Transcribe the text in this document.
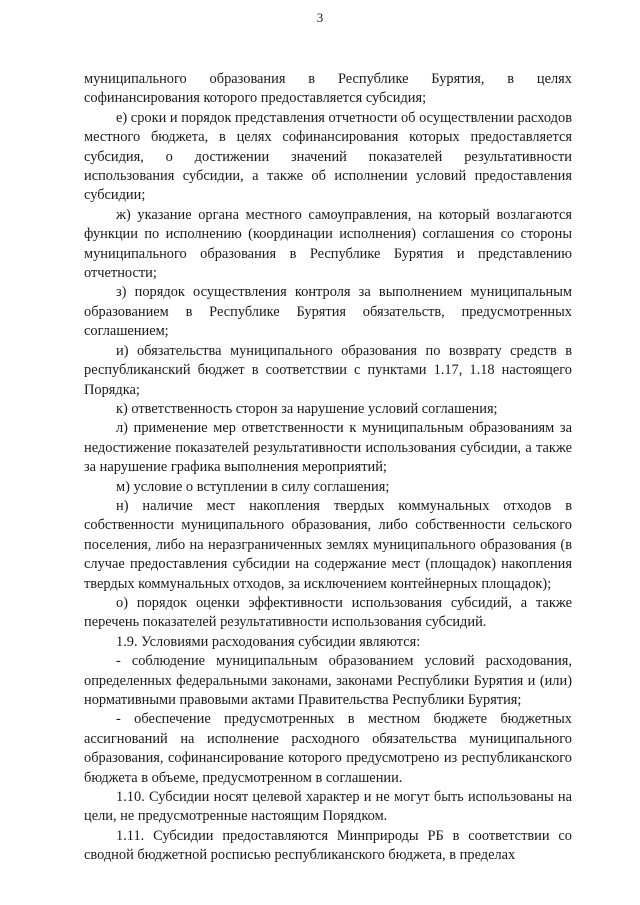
3

муниципального образования в Республике Бурятия, в целях софинансирования которого предоставляется субсидия;

е) сроки и порядок представления отчетности об осуществлении расходов местного бюджета, в целях софинансирования которых предоставляется субсидия, о достижении значений показателей результативности использования субсидии, а также об исполнении условий предоставления субсидии;

ж) указание органа местного самоуправления, на который возлагаются функции по исполнению (координации исполнения) соглашения со стороны муниципального образования в Республике Бурятия и представлению отчетности;

з) порядок осуществления контроля за выполнением муниципальным образованием в Республике Бурятия обязательств, предусмотренных соглашением;

и) обязательства муниципального образования по возврату средств в республиканский бюджет в соответствии с пунктами 1.17, 1.18 настоящего Порядка;

к) ответственность сторон за нарушение условий соглашения;

л) применение мер ответственности к муниципальным образованиям за недостижение показателей результативности использования субсидии, а также за нарушение графика выполнения мероприятий;

м) условие о вступлении в силу соглашения;

н) наличие мест накопления твердых коммунальных отходов в собственности муниципального образования, либо собственности сельского поселения, либо на неразграниченных землях муниципального образования (в случае предоставления субсидии на содержание мест (площадок) накопления твердых коммунальных отходов, за исключением контейнерных площадок);

о) порядок оценки эффективности использования субсидий, а также перечень показателей результативности использования субсидий.

1.9. Условиями расходования субсидии являются:

- соблюдение муниципальным образованием условий расходования, определенных федеральными законами, законами Республики Бурятия и (или) нормативными правовыми актами Правительства Республики Бурятия;

- обеспечение предусмотренных в местном бюджете бюджетных ассигнований на исполнение расходного обязательства муниципального образования, софинансирование которого предусмотрено из республиканского бюджета в объеме, предусмотренном в соглашении.

1.10. Субсидии носят целевой характер и не могут быть использованы на цели, не предусмотренные настоящим Порядком.

1.11. Субсидии предоставляются Минприроды РБ в соответствии со сводной бюджетной росписью республиканского бюджета, в пределах
